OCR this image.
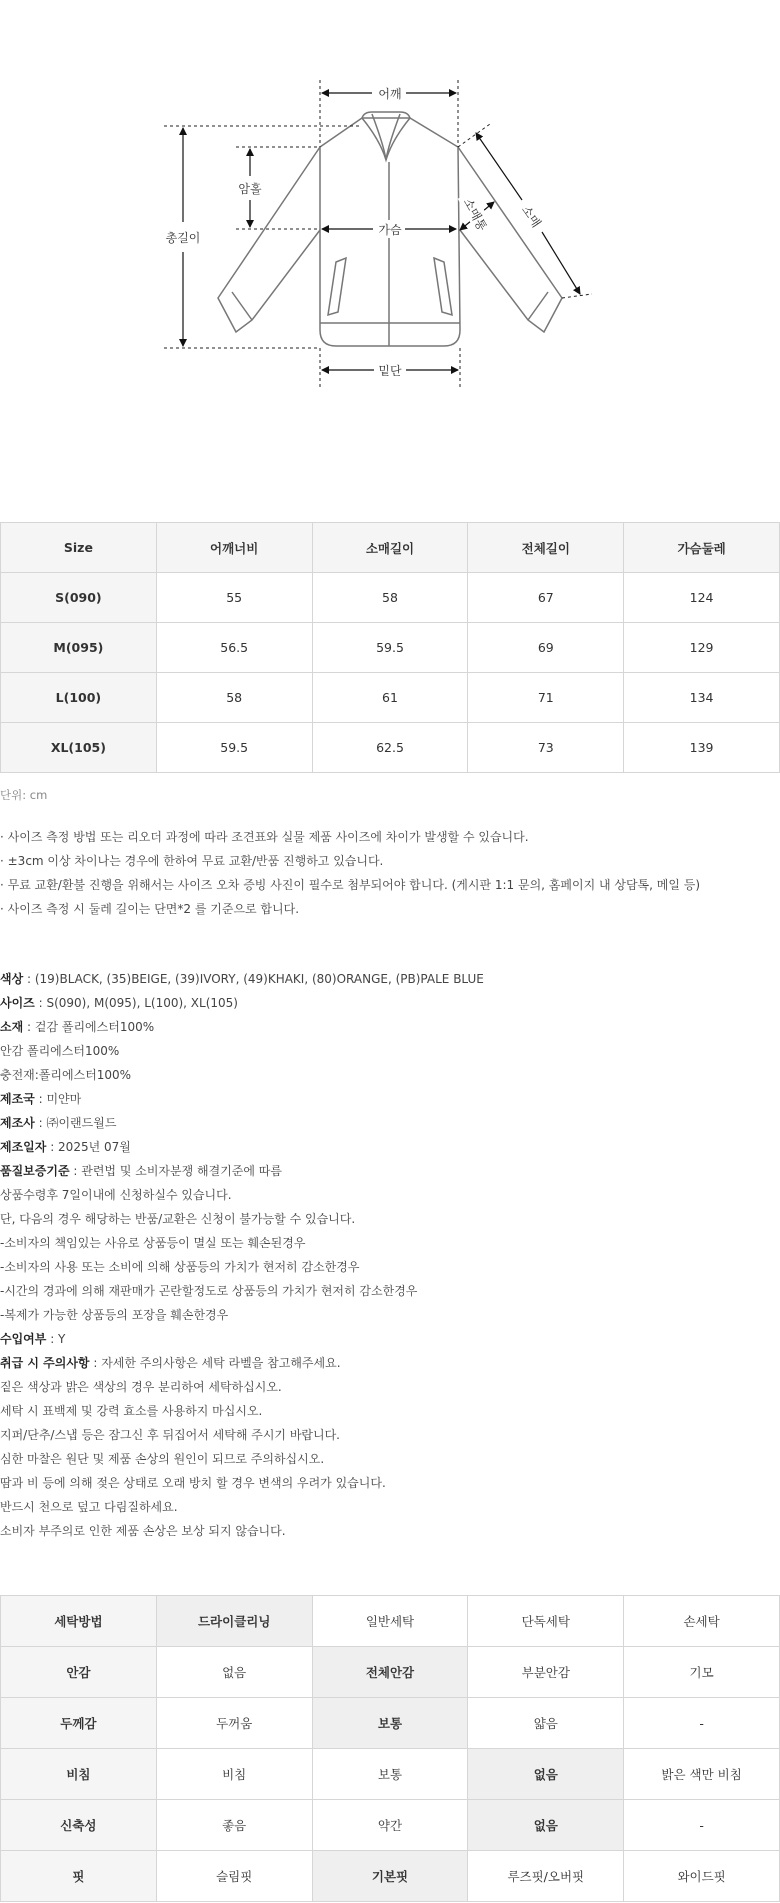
어깨
총길이
암홀
가슴
밑단
소매
소매통
Size	어깨너비	소매길이	전체길이	가슴둘레
S(090)	55	58	67	124
M(095)	56.5	59.5	69	129
L(100)	58	61	71	134
XL(105)	59.5	62.5	73	139
단위: cm
· 사이즈 측정 방법 또는 리오더 과정에 따라 조견표와 실물 제품 사이즈에 차이가 발생할 수 있습니다.
· ±3cm 이상 차이나는 경우에 한하여 무료 교환/반품 진행하고 있습니다.
· 무료 교환/환불 진행을 위해서는 사이즈 오차 증빙 사진이 필수로 첨부되어야 합니다. (게시판 1:1 문의, 홈페이지 내 상담톡, 메일 등)
· 사이즈 측정 시 둘레 길이는 단면*2 를 기준으로 합니다.
색상 : (19)BLACK, (35)BEIGE, (39)IVORY, (49)KHAKI, (80)ORANGE, (PB)PALE BLUE
사이즈 : S(090), M(095), L(100), XL(105)
소재 : 겉감 폴리에스터100%
안감 폴리에스터100%
충전재:폴리에스터100%
제조국 : 미얀마
제조사 : ㈜이랜드월드
제조일자 : 2025년 07월
품질보증기준 : 관련법 및 소비자분쟁 해결기준에 따름
상품수령후 7일이내에 신청하실수 있습니다.
단, 다음의 경우 해당하는 반품/교환은 신청이 불가능할 수 있습니다.
-소비자의 책임있는 사유로 상품등이 멸실 또는 훼손된경우
-소비자의 사용 또는 소비에 의해 상품등의 가치가 현저히 감소한경우
-시간의 경과에 의해 재판매가 곤란할정도로 상품등의 가치가 현저히 감소한경우
-복제가 가능한 상품등의 포장을 훼손한경우
수입여부 : Y
취급 시 주의사항 : 자세한 주의사항은 세탁 라벨을 참고해주세요.
짙은 색상과 밝은 색상의 경우 분리하여 세탁하십시오.
세탁 시 표백제 및 강력 효소를 사용하지 마십시오.
지퍼/단추/스냅 등은 잠그신 후 뒤집어서 세탁해 주시기 바랍니다.
심한 마찰은 원단 및 제품 손상의 원인이 되므로 주의하십시오.
땀과 비 등에 의해 젖은 상태로 오래 방치 할 경우 변색의 우려가 있습니다.
반드시 천으로 덮고 다림질하세요.
소비자 부주의로 인한 제품 손상은 보상 되지 않습니다.
세탁방법	드라이클리닝	일반세탁	단독세탁	손세탁
안감	없음	전체안감	부분안감	기모
두께감	두꺼움	보통	얇음	-
비침	비침	보통	없음	밝은 색만 비침
신축성	좋음	약간	없음	-
핏	슬림핏	기본핏	루즈핏/오버핏	와이드핏
